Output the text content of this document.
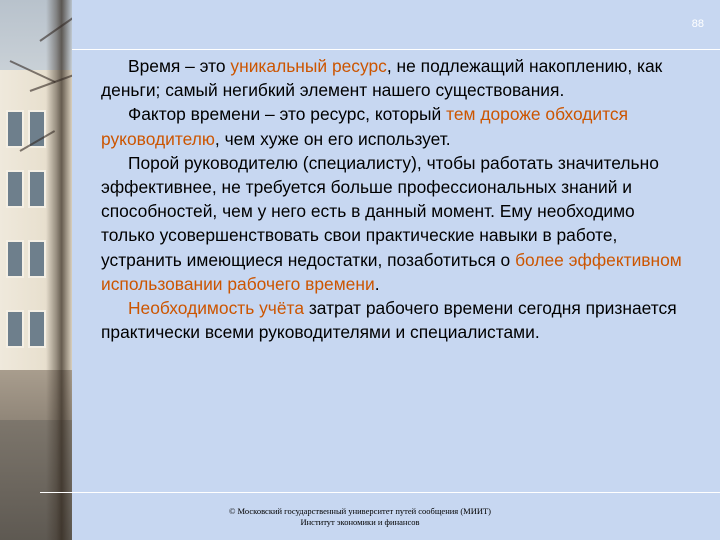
88

Время – это уникальный ресурс, не подлежащий накоплению, как деньги; самый негибкий элемент нашего существования.

Фактор времени – это ресурс, который тем дороже обходится руководителю, чем хуже он его использует.

Порой руководителю (специалисту), чтобы работать значительно эффективнее, не требуется больше профессиональных знаний и способностей, чем у него есть в данный момент. Ему необходимо только усовершенствовать свои практические навыки в работе, устранить имеющиеся недостатки, позаботиться о более эффективном использовании рабочего времени.

Необходимость учёта затрат рабочего времени сегодня признается практически всеми руководителями и специалистами.

© Московский государственный университет путей сообщения (МИИТ)
Институт экономики и финансов
